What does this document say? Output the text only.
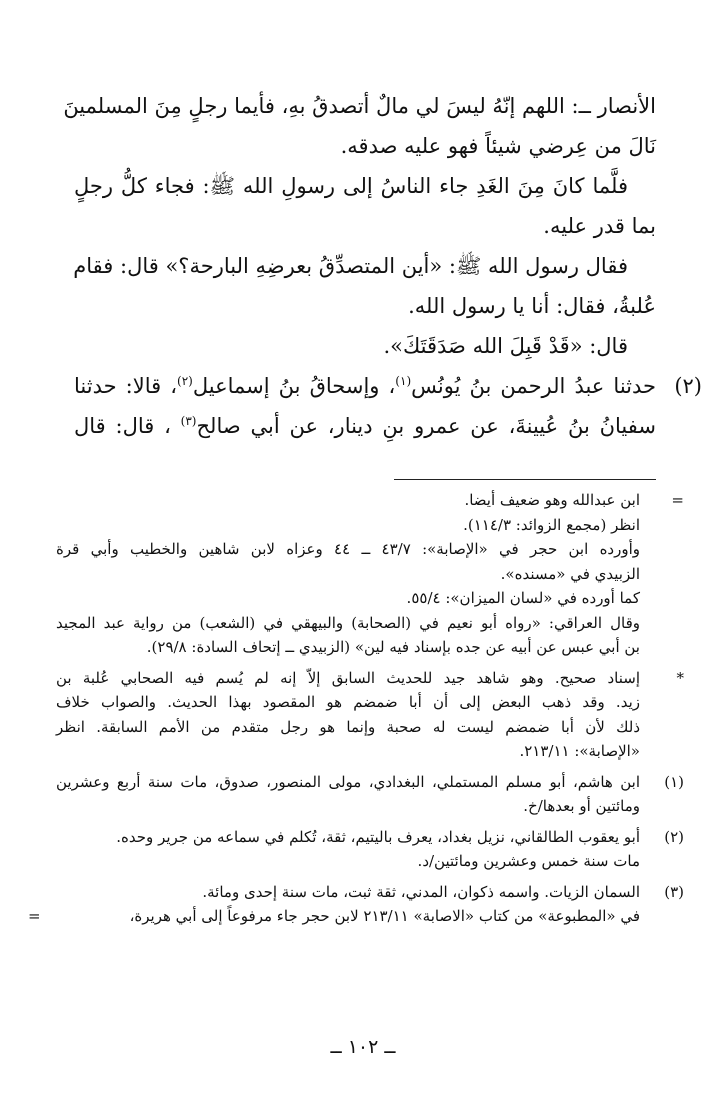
الأنصار ــ: اللهم إنّهُ ليسَ لي مالٌ أتصدقُ بهِ، فأيما رجلٍ مِنَ المسلمينَ
نَالَ من عِرضي شيئاً فهو عليه صدقه.
فلَّما كانَ مِنَ الغَدِ جاء الناسُ إلى رسولِ الله ﷺ: فجاء كلُّ رجلٍ
بما قدر عليه.
فقال رسول الله ﷺ: «أين المتصدِّقُ بعرضِهِ البارحة؟» قال: فقام
عُلبةُ، فقال: أنا يا رسول الله.
قال: «قَدْ قَبِلَ الله صَدَقَتَكَ».
(٢)
حدثنا عبدُ الرحمن بنُ يُونُس$^{(١)}$، وإسحاقُ بنُ إسماعيل$^{(٢)}$، قالا: حدثنا
سفيانُ بنُ عُيينةَ، عن عمرو بنِ دينار، عن أبي صالح$^{(٣)}$ ، قال: قال
=
ابن عبدالله وهو ضعيف أيضا.
انظر (مجمع الزوائد: ١١٤/٣).
وأورده ابن حجر في «الإصابة»: ٤٣/٧ ــ ٤٤ وعزاه لابن شاهين والخطيب وأبي قرة
الزبيدي في «مسنده».
كما أورده في «لسان الميزان»: ٥٥/٤.
وقال العراقي: «رواه أبو نعيم في (الصحابة) والبيهقي في (الشعب) من رواية عبد المجيد
بن أبي عبس عن أبيه عن جده بإسناد فيه لين» (الزبيدي ــ إتحاف السادة: ٢٩/٨).
*
إسناد صحيح. وهو شاهد جيد للحديث السابق إلاّ إنه لم يُسم فيه الصحابي عُلبة بن
زيد. وقد ذهب البعض إلى أن أبا ضمضم هو المقصود بهذا الحديث. والصواب خلاف
ذلك لأن أبا ضمضم ليست له صحبة وإنما هو رجل متقدم من الأمم السابقة. انظر
«الإصابة»: ٢١٣/١١.
(١)
ابن هاشم، أبو مسلم المستملي، البغدادي، مولى المنصور، صدوق، مات سنة أربع وعشرين
ومائتين أو بعدها/خ.
(٢)
أبو يعقوب الطالقاني، نزيل بغداد، يعرف باليتيم، ثقة، تُكلم في سماعه من جرير وحده.
مات سنة خمس وعشرين ومائتين/د.
(٣)
السمان الزيات. واسمه ذكوان، المدني، ثقة ثبت، مات سنة إحدى ومائة.
في «المطبوعة» من كتاب «الاصابة» ٢١٣/١١ لابن حجر جاء مرفوعاً إلى أبي هريرة،
=
ــ ١٠٢ ــ
